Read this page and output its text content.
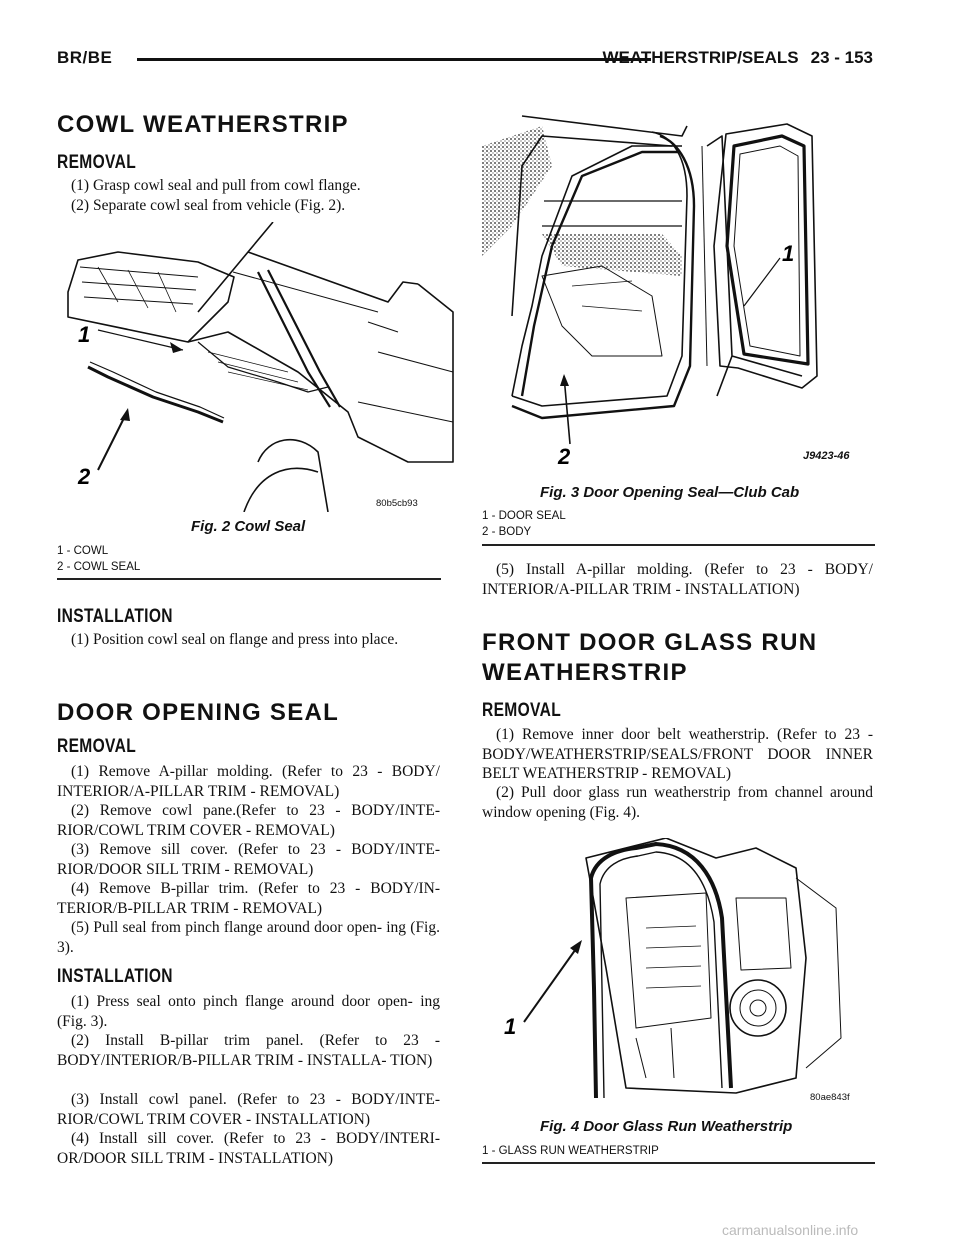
BR/BE	WEATHERSTRIP/SEALS 23 - 153
COWL WEATHERSTRIP
REMOVAL
(1) Grasp cowl seal and pull from cowl flange.
(2) Separate cowl seal from vehicle (Fig. 2).
1
2
80b5cb93
Fig. 2 Cowl Seal
1 - COWL
2 - COWL SEAL
INSTALLATION
(1) Position cowl seal on flange and press into place.
DOOR OPENING SEAL
REMOVAL
(1) Remove A-pillar molding. (Refer to 23 - BODY/ INTERIOR/A-PILLAR TRIM - REMOVAL)
(2) Remove cowl pane.(Refer to 23 - BODY/INTE- RIOR/COWL TRIM COVER - REMOVAL)
(3) Remove sill cover. (Refer to 23 - BODY/INTE- RIOR/DOOR SILL TRIM - REMOVAL)
(4) Remove B-pillar trim. (Refer to 23 - BODY/IN- TERIOR/B-PILLAR TRIM - REMOVAL)
(5) Pull seal from pinch flange around door open- ing (Fig. 3).
INSTALLATION
(1) Press seal onto pinch flange around door open- ing (Fig. 3).
(2) Install B-pillar trim panel. (Refer to 23 - BODY/INTERIOR/B-PILLAR TRIM - INSTALLA- TION)
(3) Install cowl panel. (Refer to 23 - BODY/INTE- RIOR/COWL TRIM COVER - INSTALLATION)
(4) Install sill cover. (Refer to 23 - BODY/INTERI- OR/DOOR SILL TRIM - INSTALLATION)
1
2	J9423-46
Fig. 3 Door Opening Seal—Club Cab
1 - DOOR SEAL
2 - BODY
(5) Install A-pillar molding. (Refer to 23 - BODY/ INTERIOR/A-PILLAR TRIM - INSTALLATION)
FRONT DOOR GLASS RUN
WEATHERSTRIP
REMOVAL
(1) Remove inner door belt weatherstrip. (Refer to 23 - BODY/WEATHERSTRIP/SEALS/FRONT DOOR INNER BELT WEATHERSTRIP - REMOVAL)
(2) Pull door glass run weatherstrip from channel around window opening (Fig. 4).
1
80ae843f
Fig. 4 Door Glass Run Weatherstrip
1 - GLASS RUN WEATHERSTRIP
carmanualsonline.info
